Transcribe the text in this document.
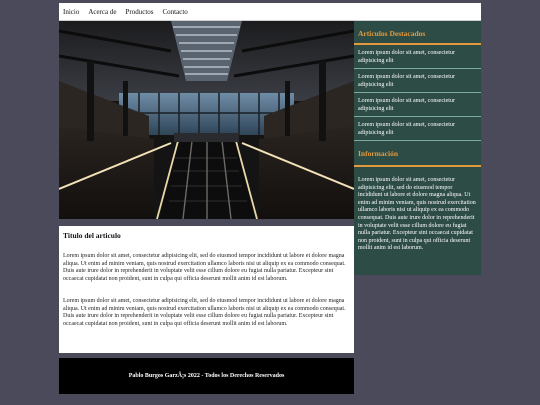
Inicio Acerca de Productos Contacto
Articulos Destacados
Lorem ipsum dolor sit amet, consectetur adipisicing elit
Lorem ipsum dolor sit amet, consectetur adipisicing elit
Lorem ipsum dolor sit amet, consectetur adipisicing elit
Lorem ipsum dolor sit amet, consectetur adipisicing elit
Información
Lorem ipsum dolor sit amet, consectetur adipisicing elit, sed do eiusmod tempor incididunt ut labore et dolore magna aliqua. Ut enim ad minim veniam, quis nostrud exercitation ullamco laboris nisi ut aliquip ex ea commodo consequat. Duis aute irure dolor in reprehenderit in voluptate velit esse cillum dolore eu fugiat nulla pariatur. Excepteur sint occaecat cupidatat non proident, sunt in culpa qui officia deserunt mollit anim id est laborum.
Titulo del articulo

Lorem ipsum dolor sit amet, consectetur adipisicing elit, sed do eiusmod tempor incididunt ut labore et dolore magna aliqua. Ut enim ad minim veniam, quis nostrud exercitation ullamco laboris nisi ut aliquip ex ea commodo consequat. Duis aute irure dolor in reprehenderit in voluptate velit esse cillum dolore eu fugiat nulla pariatur. Excepteur sint occaecat cupidatat non proident, sunt in culpa qui officia deserunt mollit anim id est laborum.

Lorem ipsum dolor sit amet, consectetur adipisicing elit, sed do eiusmod tempor incididunt ut labore et dolore magna aliqua. Ut enim ad minim veniam, quis nostrud exercitation ullamco laboris nisi ut aliquip ex ea commodo consequat. Duis aute irure dolor in reprehenderit in voluptate velit esse cillum dolore eu fugiat nulla pariatur. Excepteur sint occaecat cupidatat non proident, sunt in culpa qui officia deserunt mollit anim id est laborum.

Pablo Burgos GarzÃ¡s 2022 - Todos los Derechos Reservados
